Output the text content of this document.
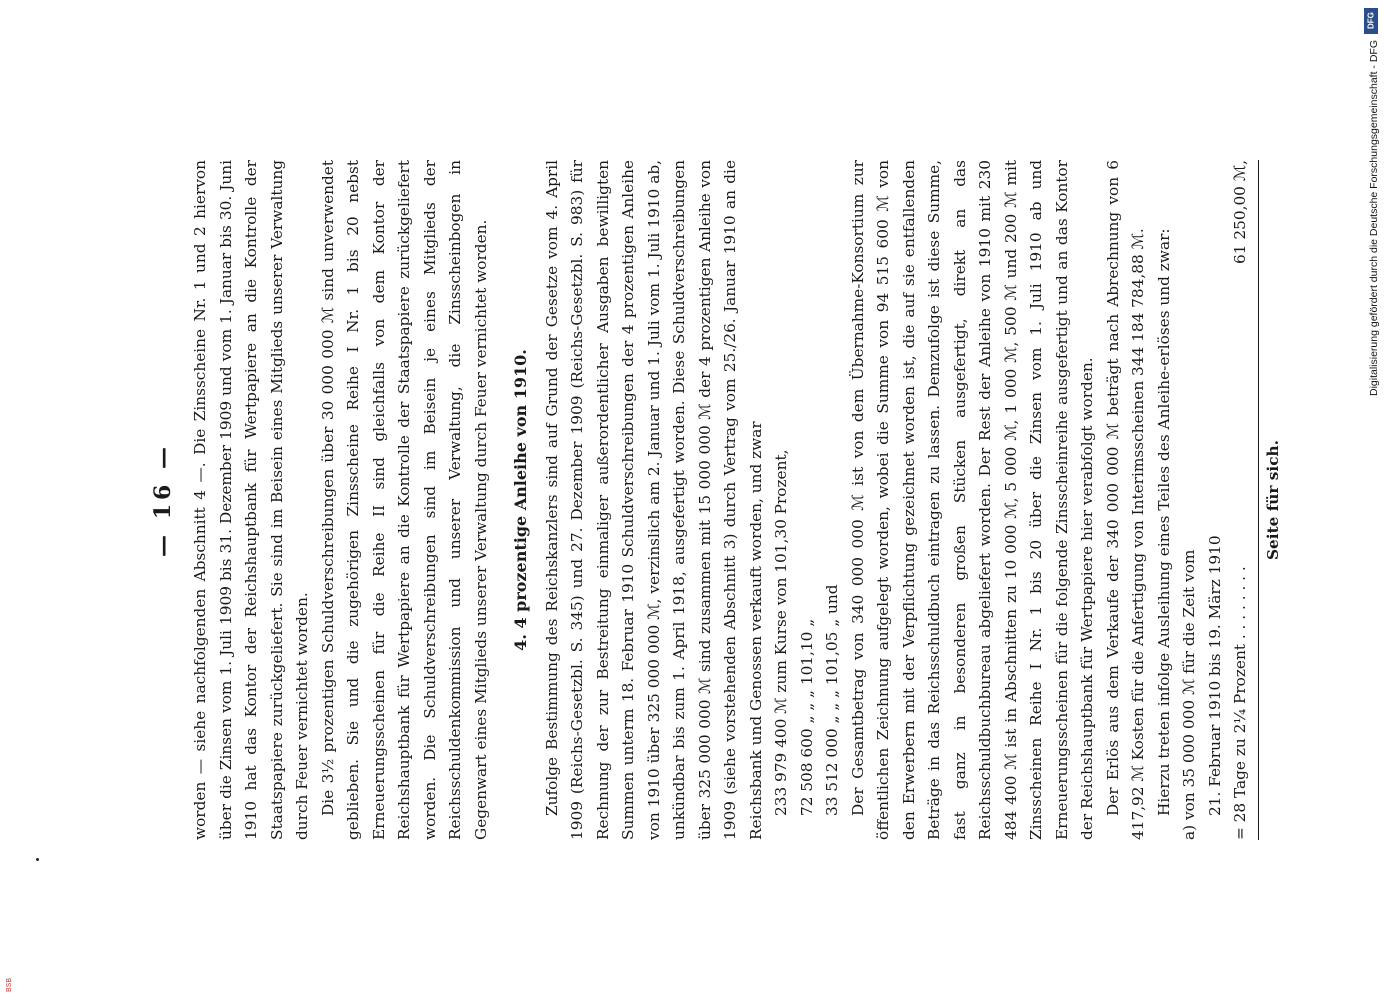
— 16 — worden — siehe nachfolgenden Abschnitt 4 —. Die Zinsscheine Nr. 1 und 2 hiervon über die Zinsen vom 1. Juli 1909 bis 31. Dezember 1909 und vom 1. Januar bis 30. Juni 1910 hat das Kontor der Reichshauptbank für Wertpapiere an die Kontrolle der Staatspapiere zurückgeliefert. Sie sind im Beisein eines Mitglieds unserer Verwaltung durch Feuer vernichtet worden. Die 3½ prozentigen Schuldverschreibungen über 30 000 000 ℳ sind unverwendet geblieben. Sie und die zugehörigen Zinsscheine Reihe I Nr. 1 bis 20 nebst Erneuerungsscheinen für die Reihe II sind gleichfalls von dem Kontor der Reichshauptbank für Wertpapiere an die Kontrolle der Staatspapiere zurückgeliefert worden. Die Schuldverschreibungen sind im Beisein je eines Mitglieds der Reichsschuldenkommission und unserer Verwaltung, die Zinsscheinbogen in Gegenwart eines Mitglieds unserer Verwaltung durch Feuer vernichtet worden. 4. 4 prozentige Anleihe von 1910. Zufolge Bestimmung des Reichskanzlers sind auf Grund der Gesetze vom 4. April 1909 (Reichs-Gesetzbl. S. 345) und 27. Dezember 1909 (Reichs-Gesetzbl. S. 983) für Rechnung der zur Bestreitung einmaliger außerordentlicher Ausgaben bewilligten Summen unterm 18. Februar 1910 Schuldverschreibungen der 4 prozentigen Anleihe von 1910 über 325 000 000 ℳ, verzinslich am 2. Januar und 1. Juli vom 1. Juli 1910 ab, unkündbar bis zum 1. April 1918, ausgefertigt worden. Diese Schuldverschreibungen über 325 000 000 ℳ sind zusammen mit 15 000 000 ℳ der 4 prozentigen Anleihe von 1909 (siehe vorstehenden Abschnitt 3) durch Vertrag vom 25./26. Januar 1910 an die Reichsbank und Genossen verkauft worden, und zwar 233 979 400 ℳ zum Kurse von 101,30 Prozent,
72 508 600 „ „ „ 101,10 „
33 512 000 „ „ „ 101,05 „ und Der Gesamtbetrag von 340 000 000 ℳ ist von dem Übernahme-Konsortium zur öffentlichen Zeichnung aufgelegt worden, wobei die Summe von 94 515 600 ℳ von den Erwerbern mit der Verpflichtung gezeichnet worden ist, die auf sie entfallenden Beträge in das Reichsschuldbuch eintragen zu lassen. Demzufolge ist diese Summe, fast ganz in besonderen großen Stücken ausgefertigt, direkt an das Reichsschuldbuchbureau abgeliefert worden. Der Rest der Anleihe von 1910 mit 230 484 400 ℳ ist in Abschnitten zu 10 000 ℳ, 5 000 ℳ, 1 000 ℳ, 500 ℳ und 200 ℳ mit Zinsscheinen Reihe I Nr. 1 bis 20 über die Zinsen vom 1. Juli 1910 ab und Erneuerungsscheinen für die folgende Zinsscheinreihe ausgefertigt und an das Kontor der Reichshauptbank für Wertpapiere hier verabfolgt worden. Der Erlös aus dem Verkaufe der 340 000 000 ℳ beträgt nach Abrechnung von 6 417,92 ℳ Kosten für die Anfertigung von Interimsscheinen 344 184 784,88 ℳ. Hierzu treten infolge Ausleihung eines Teiles des Anleihe-erlöses und zwar: a) von 35 000 000 ℳ für die Zeit vom 21. Februar 1910 bis 19. März 1910 = 28 Tage zu 2¼ Prozent . . . . . . . .
61 250,00 ℳ,
Seite für sich.
Digitalisierung gefördert durch die Deutsche Forschungsgemeinschaft - DFG
DFG
BSB
